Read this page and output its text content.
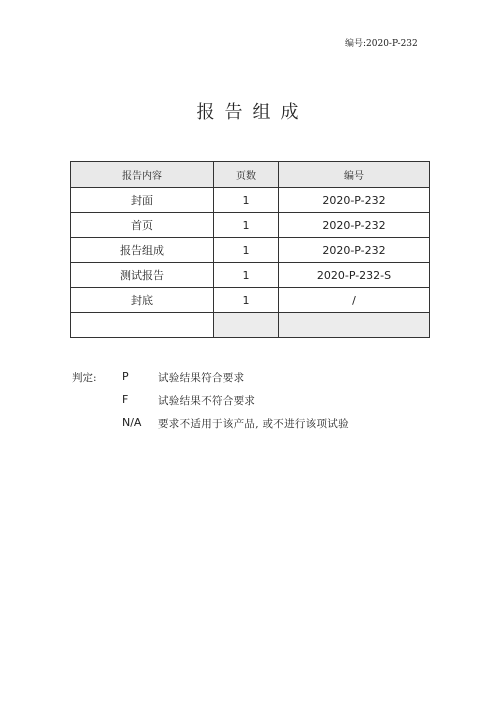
编号:2020-P-232
报告组成
报告内容	页数	编号
封面	1	2020-P-232
首页	1	2020-P-232
报告组成	1	2020-P-232
测试报告	1	2020-P-232-S
封底	1	/

判定: P	试验结果符合要求
F	试验结果不符合要求
N/A 要求不适用于该产品, 或不进行该项试验
